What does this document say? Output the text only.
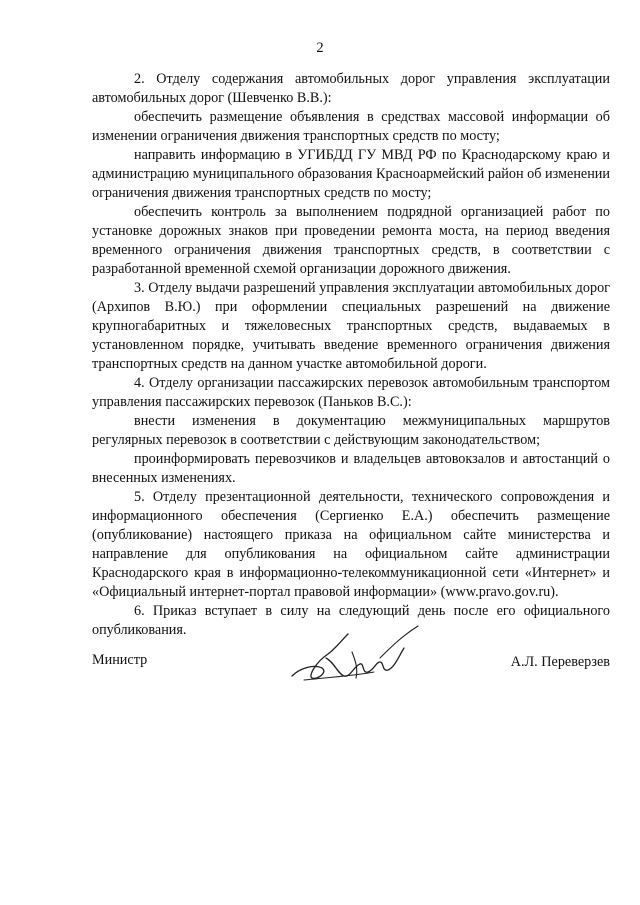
2

2. Отделу содержания автомобильных дорог управления эксплуатации автомобильных дорог (Шевченко В.В.):

обеспечить размещение объявления в средствах массовой информации об изменении ограничения движения транспортных средств по мосту;

направить информацию в УГИБДД ГУ МВД РФ по Краснодарскому краю и администрацию муниципального образования Красноармейский район об изменении ограничения движения транспортных средств по мосту;

обеспечить контроль за выполнением подрядной организацией работ по установке дорожных знаков при проведении ремонта моста, на период введения временного ограничения движения транспортных средств, в соответствии с разработанной временной схемой организации дорожного движения.

3. Отделу выдачи разрешений управления эксплуатации автомобильных дорог (Архипов В.Ю.) при оформлении специальных разрешений на движение крупногабаритных и тяжеловесных транспортных средств, выдаваемых в установленном порядке, учитывать введение временного ограничения движения транспортных средств на данном участке автомобильной дороги.

4. Отделу организации пассажирских перевозок автомобильным транспортом управления пассажирских перевозок (Паньков В.С.):

внести изменения в документацию межмуниципальных маршрутов регулярных перевозок в соответствии с действующим законодательством;

проинформировать перевозчиков и владельцев автовокзалов и автостанций о внесенных изменениях.

5. Отделу презентационной деятельности, технического сопровождения и информационного обеспечения (Сергиенко Е.А.) обеспечить размещение (опубликование) настоящего приказа на официальном сайте министерства и направление для опубликования на официальном сайте администрации Краснодарского края в информационно-телекоммуникационной сети «Интернет» и «Официальный интернет-портал правовой информации» (www.pravo.gov.ru).

6. Приказ вступает в силу на следующий день после его официального опубликования.

Министр	А.Л. Переверзев
